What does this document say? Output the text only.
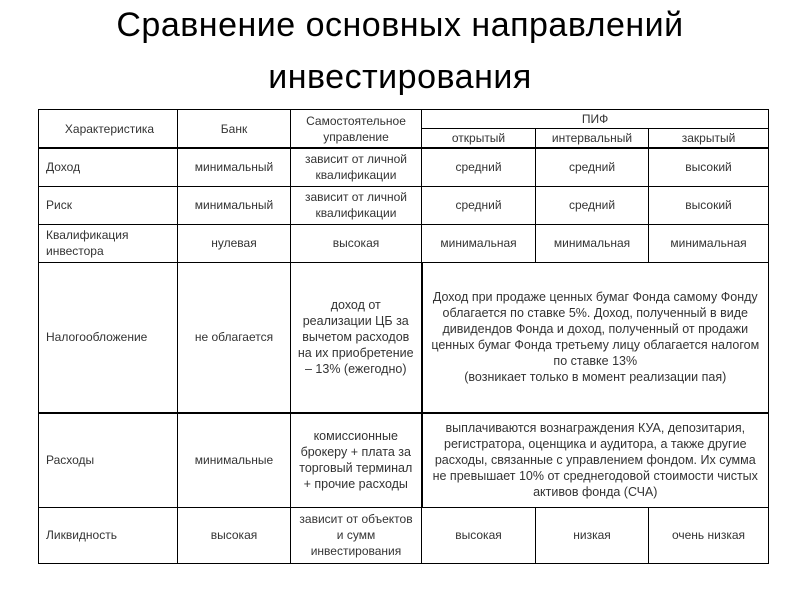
Сравнение основных направлений
инвестирования
Характеристика	Банк	Самостоятельное управление	ПИФ		
			открытый	интервальный	закрытый
Доход	минимальный	зависит от личной квалификации	средний	средний	высокий
Риск	минимальный	зависит от личной квалификации	средний	средний	высокий
Квалификация инвестора	нулевая	высокая	минимальная	минимальная	минимальная
Налогообложение	не облагается	доход от реализации ЦБ за вычетом расходов на их приобретение – 13% (ежегодно)	Доход при продаже ценных бумаг Фонда самому Фонду облагается по ставке 5%. Доход, полученный в виде дивидендов Фонда и доход, полученный от продажи ценных бумаг Фонда третьему лицу облагается налогом по ставке 13%
(возникает только в момент реализации пая)		

Расходы	минимальные	комиссионные брокеру + плата за торговый терминал + прочие расходы	выплачиваются вознаграждения КУА, депозитария, регистратора, оценщика и аудитора, а также другие расходы, связанные с управлением фондом. Их сумма не превышает 10% от среднегодовой стоимости чистых активов фонда (СЧА)		
Ликвидность	высокая	зависит от объектов и сумм инвестирования	высокая	низкая	очень низкая
